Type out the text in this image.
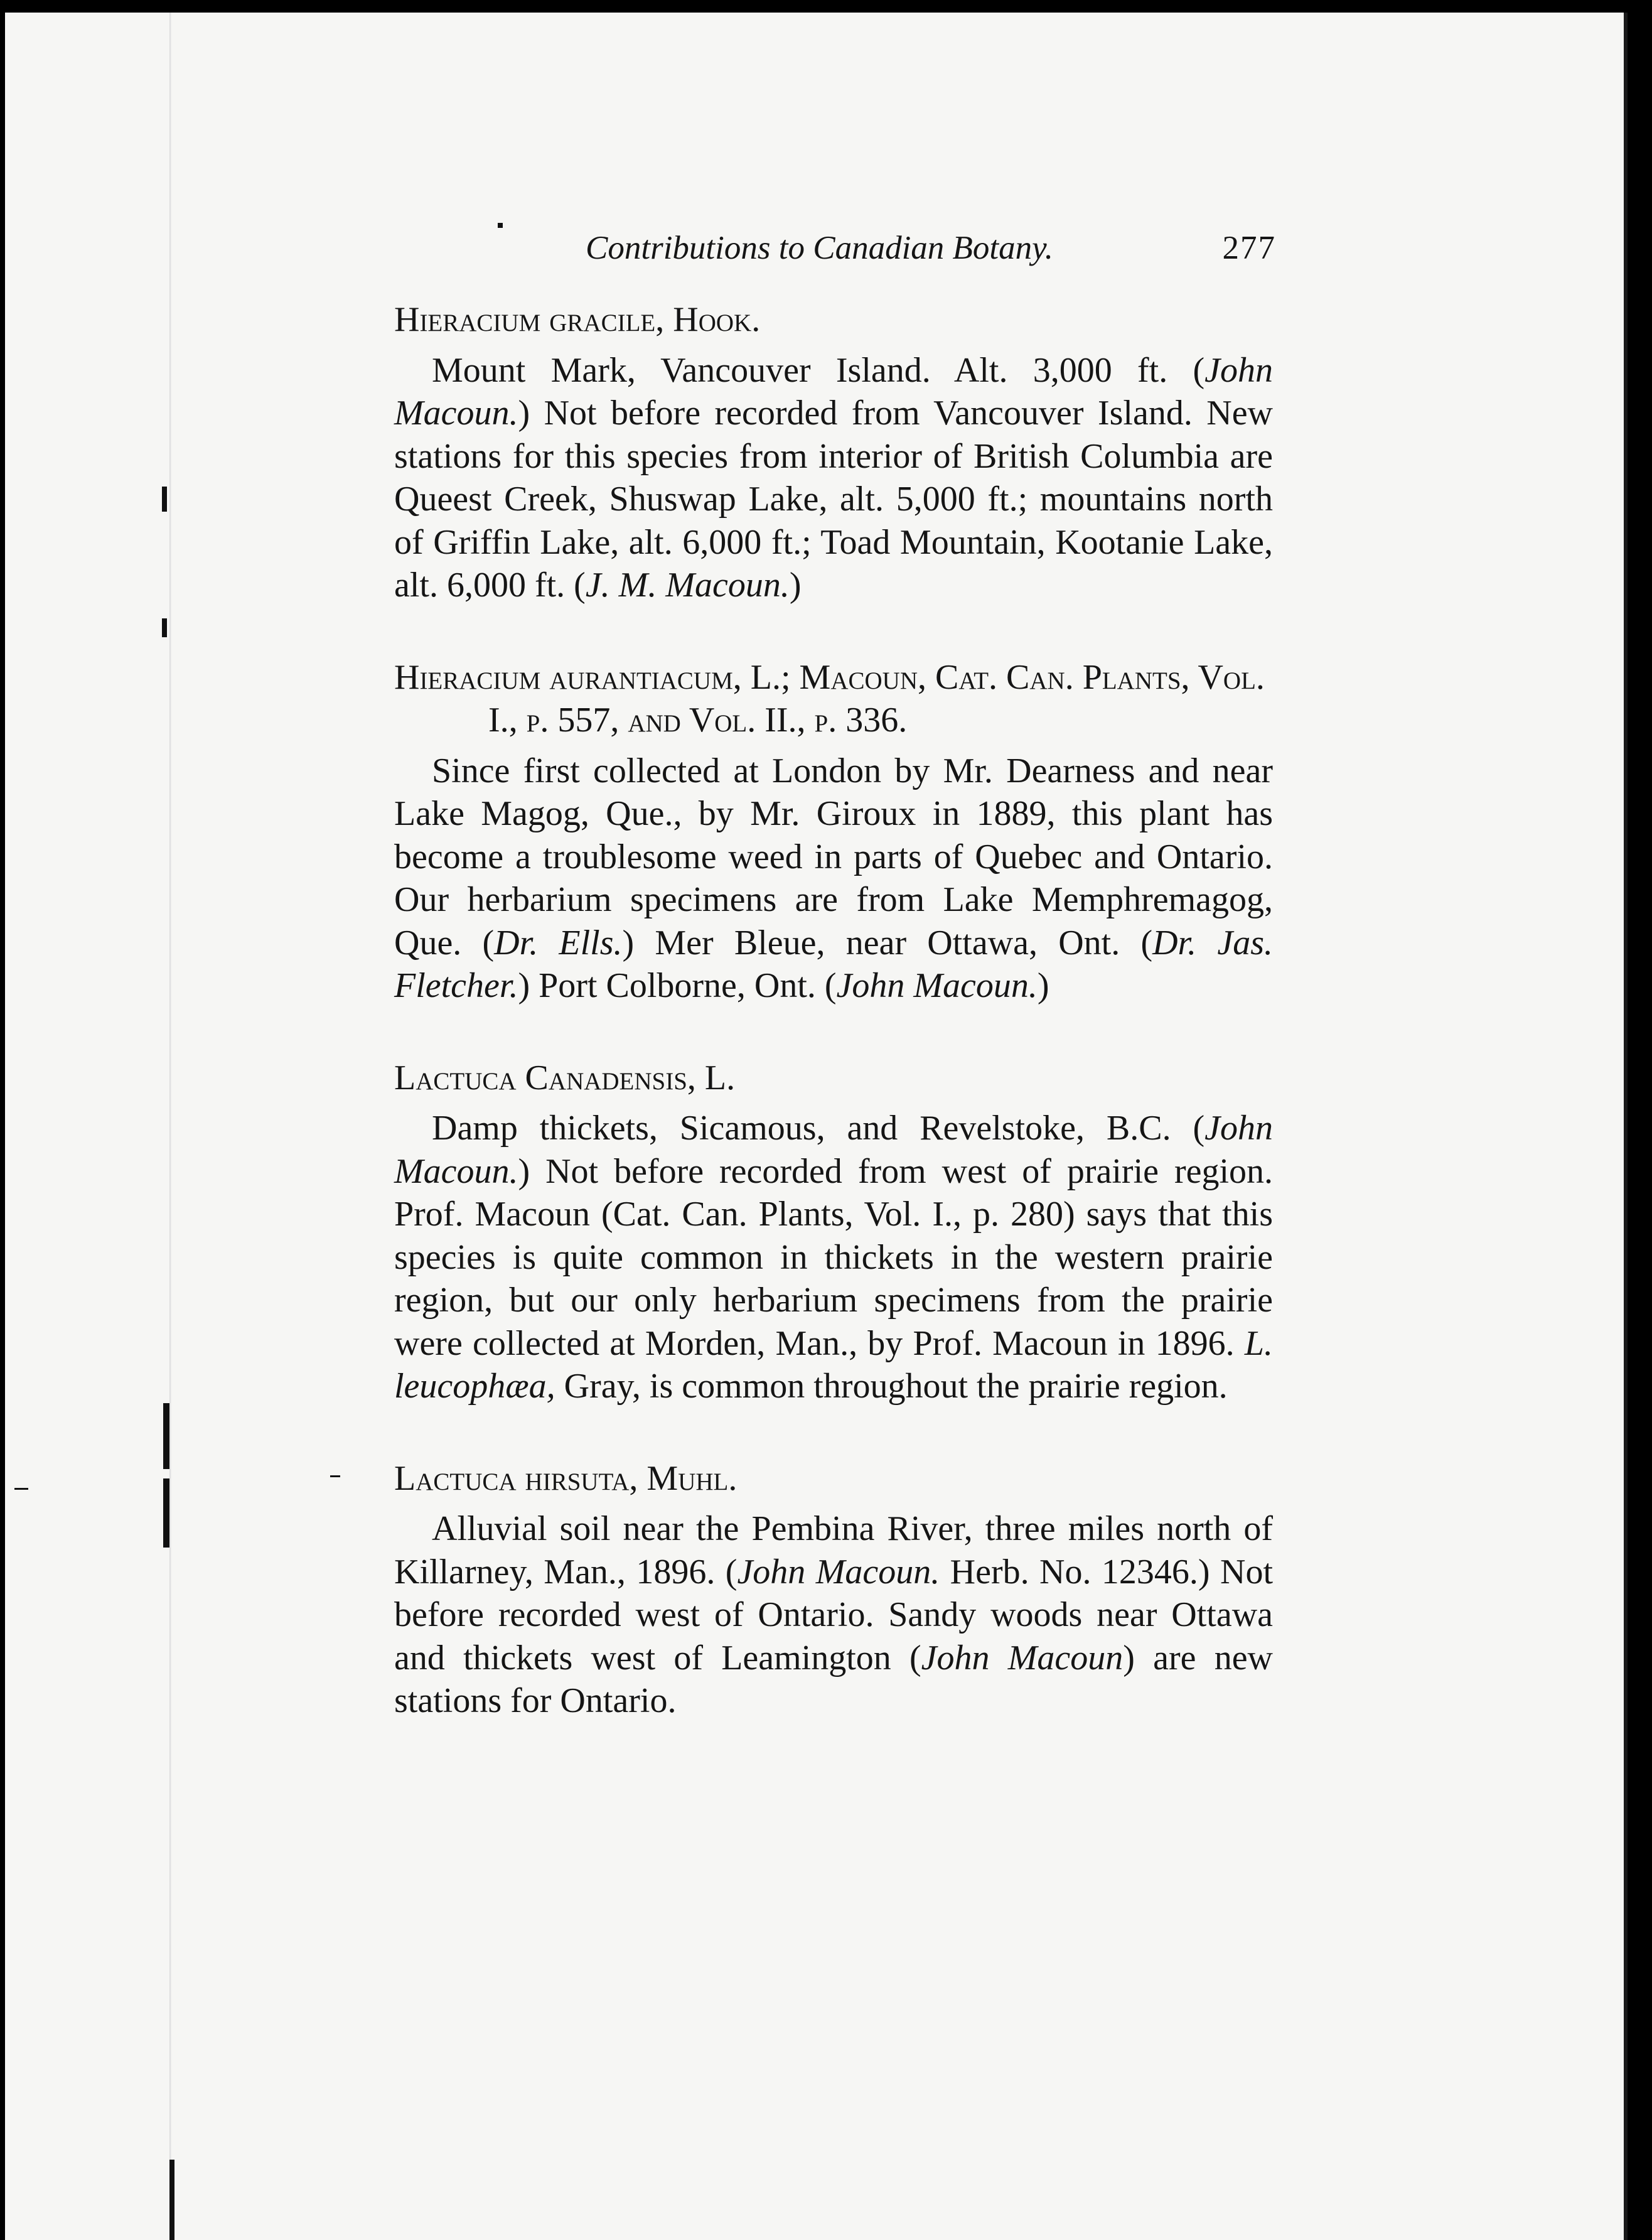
Contributions to Canadian Botany.	277

Hieracium gracile, Hook.

Mount Mark, Vancouver Island. Alt. 3,000 ft. (John Macoun.) Not before recorded from Vancouver Island. New stations for this species from interior of British Columbia are Queest Creek, Shuswap Lake, alt. 5,000 ft.; mountains north of Griffin Lake, alt. 6,000 ft.; Toad Mountain, Kootanie Lake, alt. 6,000 ft. (J. M. Macoun.)

Hieracium aurantiacum, L.; Macoun, Cat. Can. Plants, Vol. I., p. 557, and Vol. II., p. 336.

Since first collected at London by Mr. Dearness and near Lake Magog, Que., by Mr. Giroux in 1889, this plant has become a troublesome weed in parts of Quebec and Ontario. Our herbarium specimens are from Lake Memphremagog, Que. (Dr. Ells.) Mer Bleue, near Ottawa, Ont. (Dr. Jas. Fletcher.) Port Colborne, Ont. (John Macoun.)

Lactuca Canadensis, L.

Damp thickets, Sicamous, and Revelstoke, B.C. (John Macoun.) Not before recorded from west of prairie region. Prof. Macoun (Cat. Can. Plants, Vol. I., p. 280) says that this species is quite common in thickets in the western prairie region, but our only herbarium specimens from the prairie were collected at Morden, Man., by Prof. Macoun in 1896. L. leucophæa, Gray, is common throughout the prairie region.

Lactuca hirsuta, Muhl.

Alluvial soil near the Pembina River, three miles north of Killarney, Man., 1896. (John Macoun. Herb. No. 12346.) Not before recorded west of Ontario. Sandy woods near Ottawa and thickets west of Leamington (John Macoun) are new stations for Ontario.
